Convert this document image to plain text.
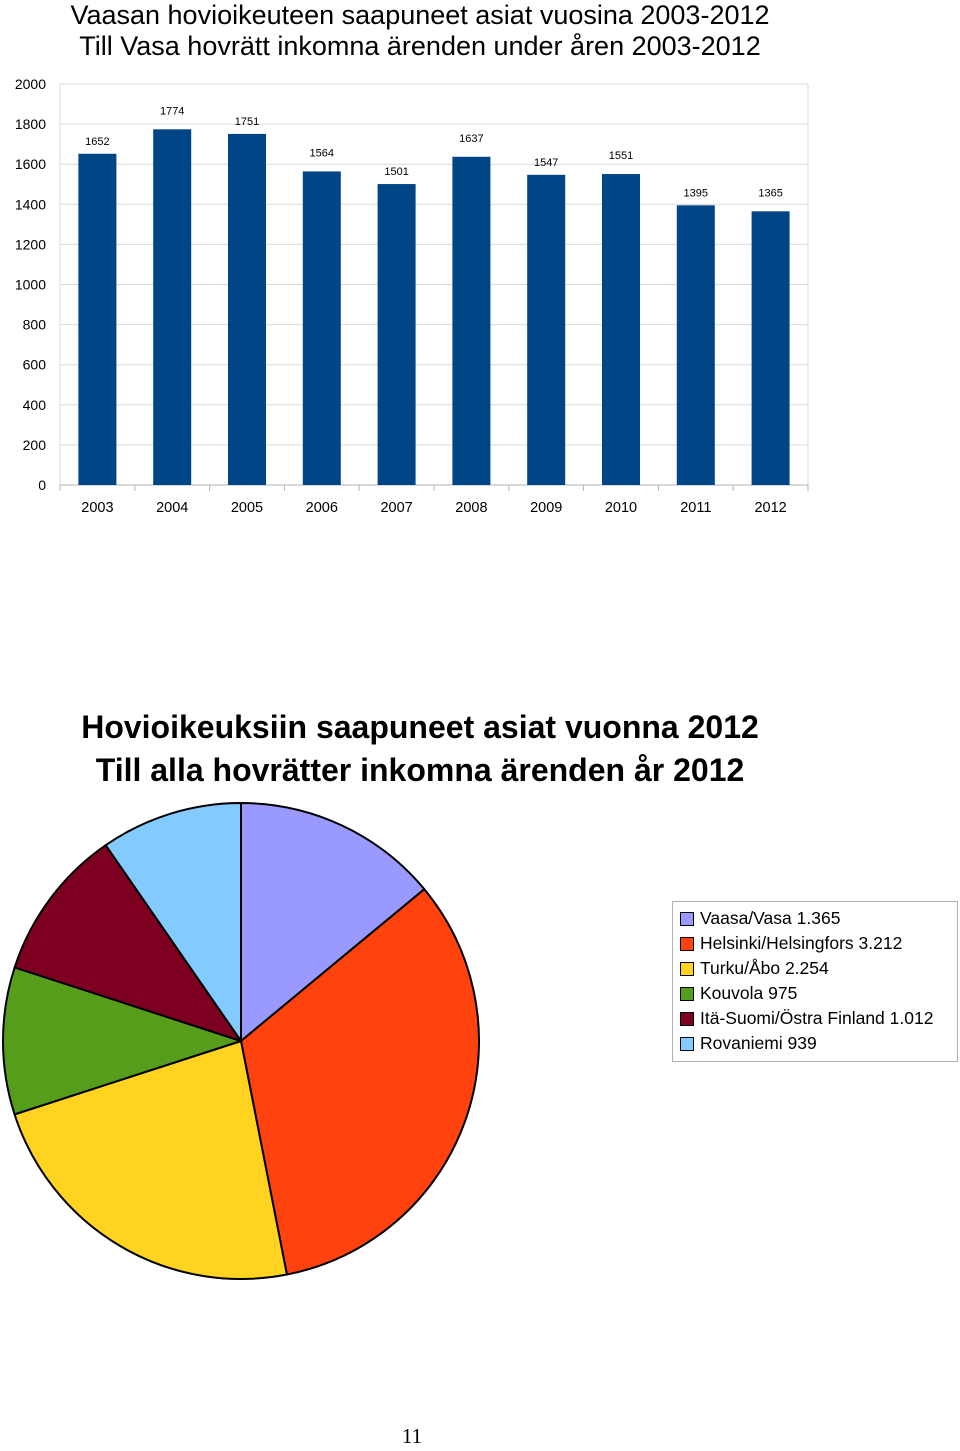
Vaasan hovioikeuteen saapuneet asiat vuosina 2003-2012
Till Vasa hovrätt inkomna ärenden under åren 2003-2012
0
200
400
600
800
1000
1200
1400
1600
1800
2000
1652
2003
1774
2004
1751
2005
1564
2006
1501
2007
1637
2008
1547
2009
1551
2010
1395
2011
1365
2012
Hovioikeuksiin saapuneet asiat vuonna 2012
Till alla hovrätter inkomna ärenden år 2012
Vaasa/Vasa 1.365
Helsinki/Helsingfors 3.212
Turku/Åbo 2.254
Kouvola 975
Itä-Suomi/Östra Finland 1.012
Rovaniemi 939
11
